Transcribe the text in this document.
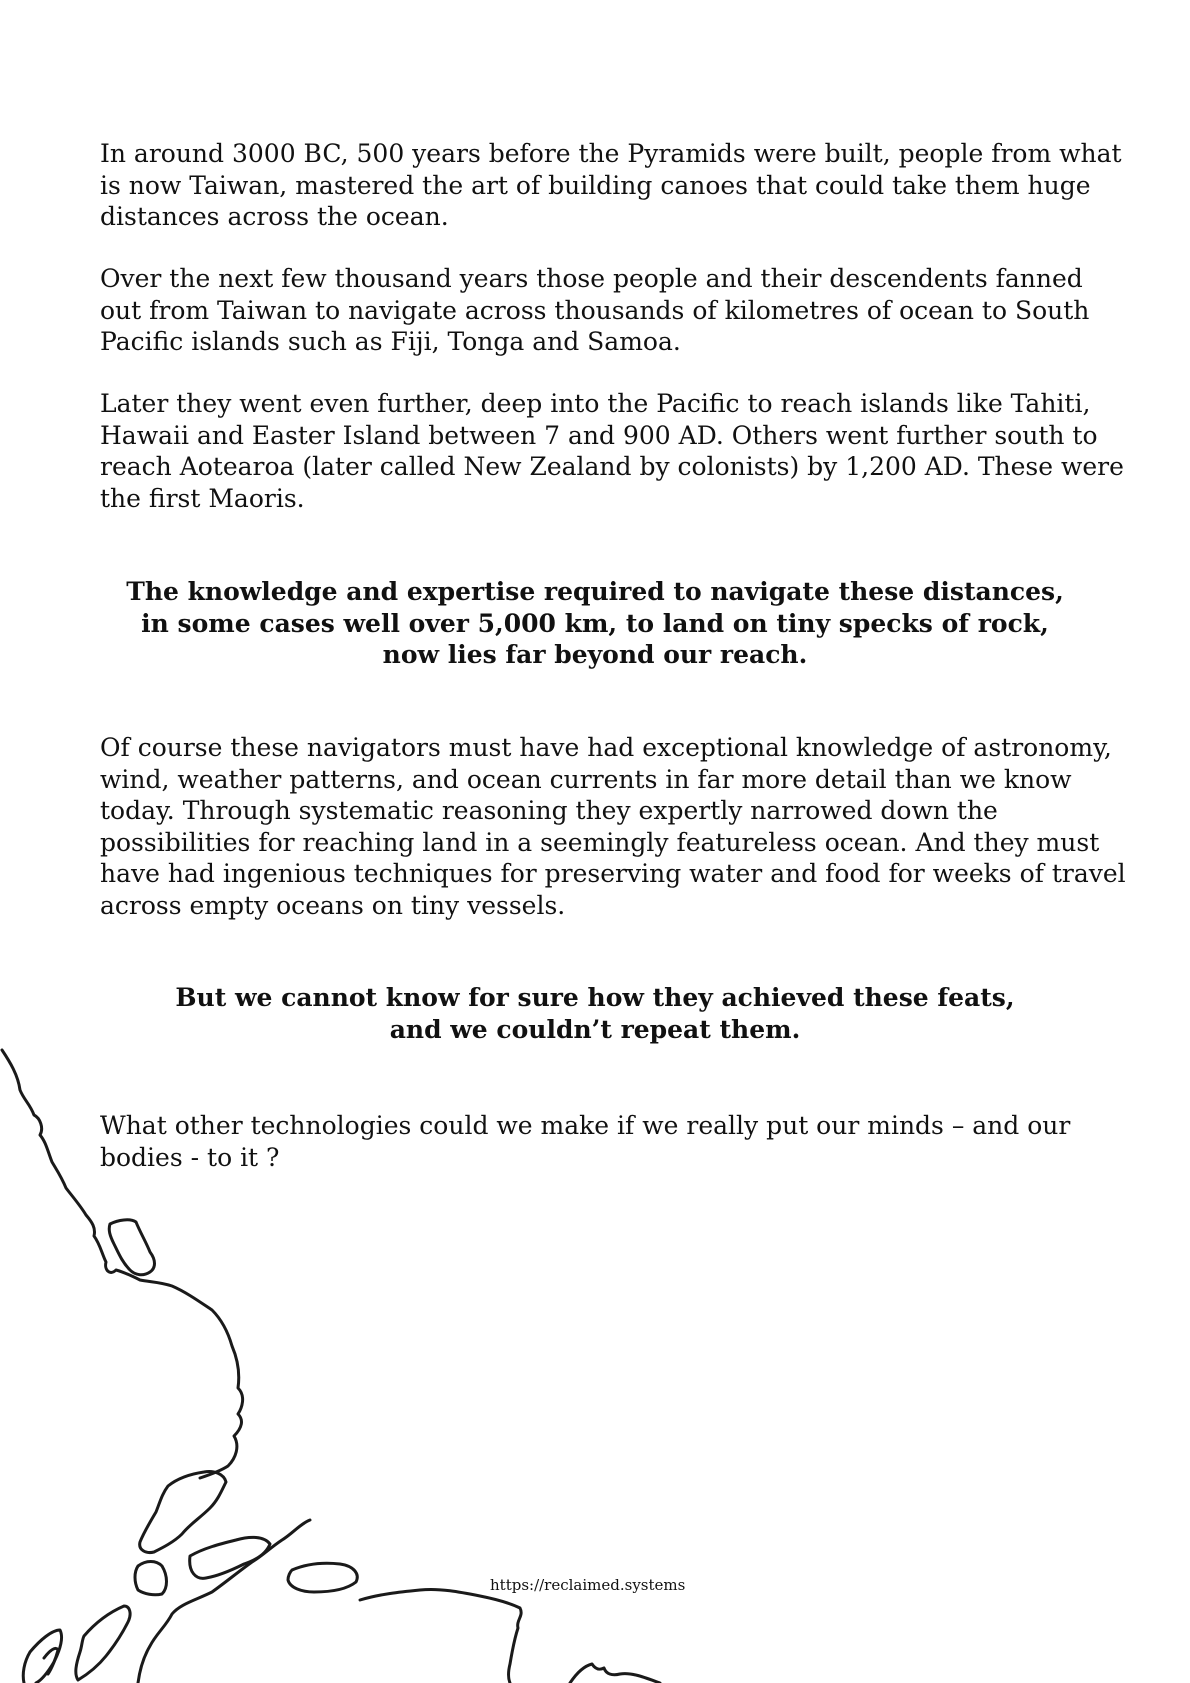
In around 3000 BC, 500 years before the Pyramids were built, people from what is now Taiwan, mastered the art of building canoes that could take them huge distances across the ocean.

Over the next few thousand years those people and their descendents fanned out from Taiwan to navigate across thousands of kilometres of ocean to South Pacific islands such as Fiji, Tonga and Samoa.

Later they went even further, deep into the Pacific to reach islands like Tahiti, Hawaii and Easter Island between 7 and 900 AD. Others went further south to reach Aotearoa (later called New Zealand by colonists) by 1,200 AD. These were the first Maoris.

The knowledge and expertise required to navigate these distances,
in some cases well over 5,000 km, to land on tiny specks of rock,
now lies far beyond our reach.

Of course these navigators must have had exceptional knowledge of astronomy, wind, weather patterns, and ocean currents in far more detail than we know today. Through systematic reasoning they expertly narrowed down the possibilities for reaching land in a seemingly featureless ocean. And they must have had ingenious techniques for preserving water and food for weeks of travel across empty oceans on tiny vessels.

But we cannot know for sure how they achieved these feats,
and we couldn’t repeat them.

What other technologies could we make if we really put our minds – and our bodies - to it ?

https://reclaimed.systems
